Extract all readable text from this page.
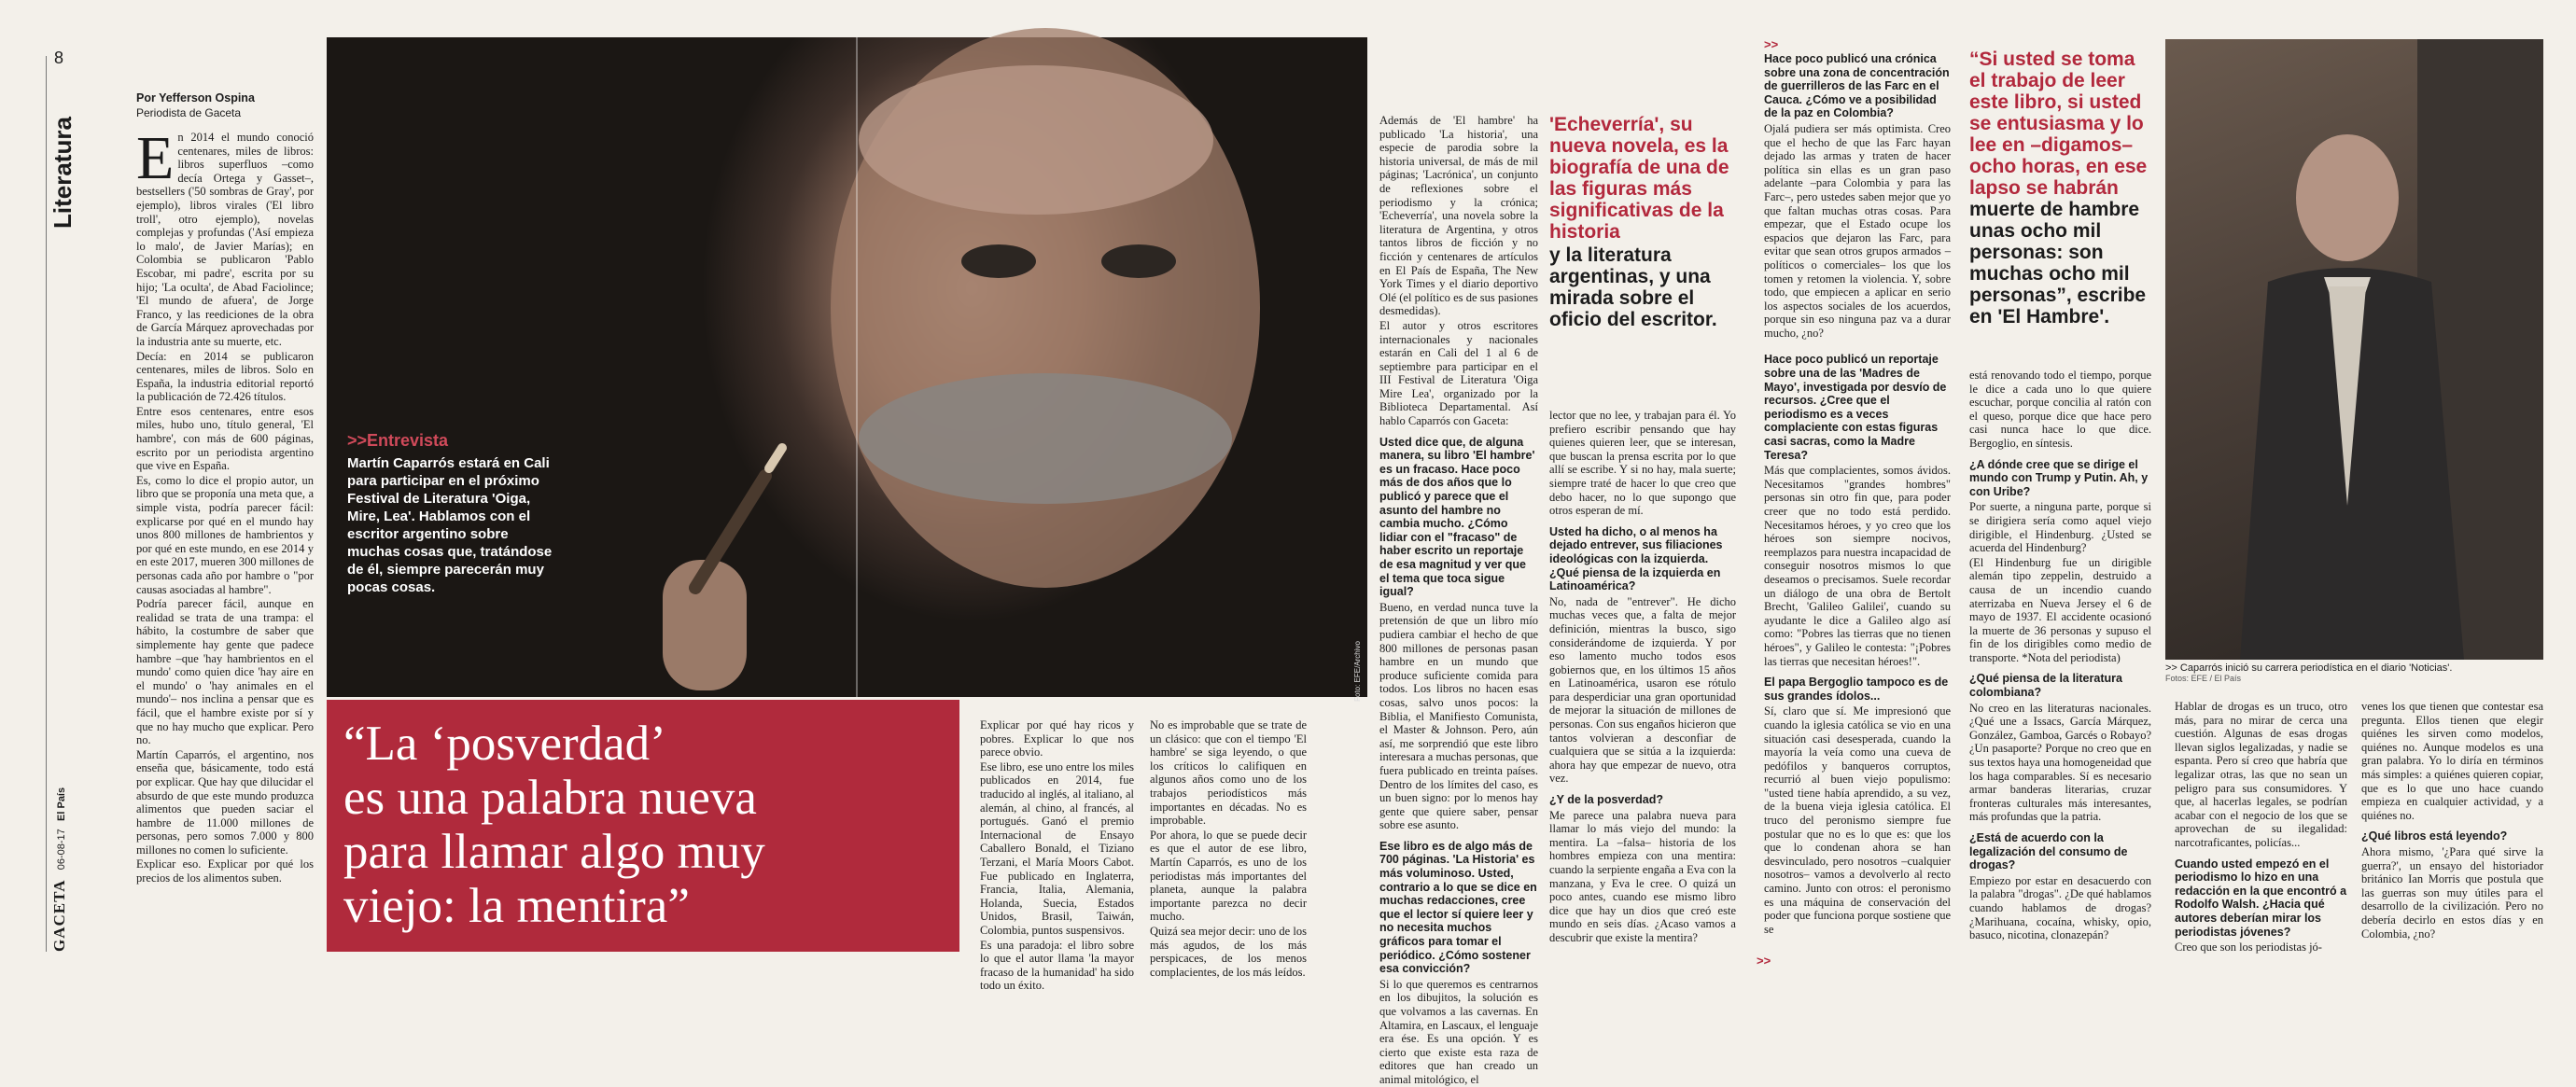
8
Literatura
GACETA 06-08-17 El País
Por Yefferson Ospina
Periodista de Gaceta
E n 2014 el mundo conoció centenares, miles de libros: libros superfluos –como decía Ortega y Gasset–, bestsellers ('50 sombras de Gray', por ejemplo), libros virales ('El libro troll', otro ejemplo), novelas complejas y profundas ('Así empieza lo malo', de Javier Marías); en Colombia se publicaron 'Pablo Escobar, mi padre', escrita por su hijo; 'La oculta', de Abad Faciolince; 'El mundo de afuera', de Jorge Franco, y las reediciones de la obra de García Márquez aprovechadas por la industria ante su muerte, etc.

Decía: en 2014 se publicaron centenares, miles de libros. Solo en España, la industria editorial reportó la publicación de 72.426 títulos.

Entre esos centenares, entre esos miles, hubo uno, título general, 'El hambre', con más de 600 páginas, escrito por un periodista argentino que vive en España.

Es, como lo dice el propio autor, un libro que se proponía una meta que, a simple vista, podría parecer fácil: explicarse por qué en el mundo hay unos 800 millones de hambrientos y por qué en este mundo, en ese 2014 y en este 2017, mueren 300 millones de personas cada año por hambre o "por causas asociadas al hambre".

Podría parecer fácil, aunque en realidad se trata de una trampa: el hábito, la costumbre de saber que simplemente hay gente que padece hambre –que 'hay hambrientos en el mundo' como quien dice 'hay aire en el mundo' o 'hay animales en el mundo'– nos inclina a pensar que es fácil, que el hambre existe por sí y que no hay mucho que explicar. Pero no.

Martín Caparrós, el argentino, nos enseña que, básicamente, todo está por explicar. Que hay que dilucidar el absurdo de que este mundo produzca alimentos que pueden saciar el hambre de 11.000 millones de personas, pero somos 7.000 y 800 millones no comen lo suficiente.

Explicar eso. Explicar por qué los precios de los alimentos suben.

Foto: EFE/Archivo
>>Entrevista
Martín Caparrós estará en Cali para participar en el próximo Festival de Literatura 'Oiga, Mire, Lea'. Hablamos con el escritor argentino sobre muchas cosas que, tratándose de él, siempre parecerán muy pocas cosas.
“La ‘posverdad’
es una palabra nueva
para llamar algo muy
viejo: la mentira”

Explicar por qué hay ricos y pobres. Explicar lo que nos parece obvio.

Ese libro, ese uno entre los miles publicados en 2014, fue traducido al inglés, al italiano, al alemán, al chino, al francés, al portugués. Ganó el premio Internacional de Ensayo Caballero Bonald, el Tiziano Terzani, el María Moors Cabot. Fue publicado en Inglaterra, Francia, Italia, Alemania, Holanda, Suecia, Estados Unidos, Brasil, Taiwán, Colombia, puntos suspensivos.

Es una paradoja: el libro sobre lo que el autor llama 'la mayor fracaso de la humanidad' ha sido todo un éxito.

No es improbable que se trate de un clásico: que con el tiempo 'El hambre' se siga leyendo, o que los críticos lo califiquen en algunos años como uno de los trabajos periodísticos más importantes en décadas. No es improbable.

Por ahora, lo que se puede decir es que el autor de ese libro, Martín Caparrós, es uno de los periodistas más importantes del planeta, aunque la palabra importante parezca no decir mucho.

Quizá sea mejor decir: uno de los más agudos, de los más perspicaces, de los menos complacientes, de los más leídos.

Además de 'El hambre' ha publicado 'La historia', una especie de parodia sobre la historia universal, de más de mil páginas; 'Lacrónica', un conjunto de reflexiones sobre el periodismo y la crónica; 'Echeverría', una novela sobre la literatura de Argentina, y otros tantos libros de ficción y no ficción y centenares de artículos en El País de España, The New York Times y el diario deportivo Olé (el político es de sus pasiones desmedidas).

El autor y otros escritores internacionales y nacionales estarán en Cali del 1 al 6 de septiembre para participar en el III Festival de Literatura 'Oiga Mire Lea', organizado por la Biblioteca Departamental. Así hablo Caparrós con Gaceta:

Usted dice que, de alguna manera, su libro 'El hambre' es un fracaso. Hace poco más de dos años que lo publicó y parece que el asunto del hambre no cambia mucho. ¿Cómo lidiar con el "fracaso" de haber escrito un reportaje de esa magnitud y ver que el tema que toca sigue igual?

Bueno, en verdad nunca tuve la pretensión de que un libro mío pudiera cambiar el hecho de que 800 millones de personas pasan hambre en un mundo que produce suficiente comida para todos. Los libros no hacen esas cosas, salvo unos pocos: la Biblia, el Manifiesto Comunista, el Master & Johnson. Pero, aún así, me sorprendió que este libro interesara a muchas personas, que fuera publicado en treinta países. Dentro de los límites del caso, es un buen signo: por lo menos hay gente que quiere saber, pensar sobre ese asunto.

Ese libro es de algo más de 700 páginas. 'La Historia' es más voluminoso. Usted, contrario a lo que se dice en muchas redacciones, cree que el lector sí quiere leer y no necesita muchos gráficos para tomar el periódico. ¿Cómo sostener esa convicción?

Si lo que queremos es centrarnos en los dibujitos, la solución es que volvamos a las cavernas. En Altamira, en Lascaux, el lenguaje era ése. Es una opción. Y es cierto que existe esta raza de editores que han creado un animal mitológico, el

'Echeverría', su nueva novela, es la biografía de una de las figuras más significativas de la historia
y la literatura argentinas, y una mirada sobre el oficio del escritor.

lector que no lee, y trabajan para él. Yo prefiero escribir pensando que hay quienes quieren leer, que se interesan, que buscan la prensa escrita por lo que allí se escribe. Y si no hay, mala suerte; siempre traté de hacer lo que creo que debo hacer, no lo que supongo que otros esperan de mí.

Usted ha dicho, o al menos ha dejado entrever, sus filiaciones ideológicas con la izquierda. ¿Qué piensa de la izquierda en Latinoamérica?

No, nada de "entrever". He dicho muchas veces que, a falta de mejor definición, mientras la busco, sigo considerándome de izquierda. Y por eso lamento mucho todos esos gobiernos que, en los últimos 15 años en Latinoamérica, usaron ese rótulo para desperdiciar una gran oportunidad de mejorar la situación de millones de personas. Con sus engaños hicieron que tantos volvieran a desconfiar de cualquiera que se sitúa a la izquierda: ahora hay que empezar de nuevo, otra vez.

¿Y de la posverdad?

Me parece una palabra nueva para llamar lo más viejo del mundo: la mentira. La –falsa– historia de los hombres empieza con una mentira: cuando la serpiente engaña a Eva con la manzana, y Eva le cree. O quizá un poco antes, cuando ese mismo libro dice que hay un dios que creó este mundo en seis días. ¿Acaso vamos a descubrir que existe la mentira?

>>

Hace poco publicó una crónica sobre una zona de concentración de guerrilleros de las Farc en el Cauca. ¿Cómo ve a posibilidad de la paz en Colombia?

Ojalá pudiera ser más optimista. Creo que el hecho de que las Farc hayan dejado las armas y traten de hacer política sin ellas es un gran paso adelante –para Colombia y para las Farc–, pero ustedes saben mejor que yo que faltan muchas otras cosas. Para empezar, que el Estado ocupe los espacios que dejaron las Farc, para evitar que sean otros grupos armados –políticos o comerciales– los que los tomen y retomen la violencia. Y, sobre todo, que empiecen a aplicar en serio los aspectos sociales de los acuerdos, porque sin eso ninguna paz va a durar mucho, ¿no?

Hace poco publicó un reportaje sobre una de las 'Madres de Mayo', investigada por desvío de recursos. ¿Cree que el periodismo es a veces complaciente con estas figuras casi sacras, como la Madre Teresa?

Más que complacientes, somos ávidos. Necesitamos "grandes hombres" personas sin otro fin que, para poder creer que no todo está perdido. Necesitamos héroes, y yo creo que los héroes son siempre nocivos, reemplazos para nuestra incapacidad de conseguir nosotros mismos lo que deseamos o precisamos. Suele recordar un diálogo de una obra de Bertolt Brecht, 'Galileo Galilei', cuando su ayudante le dice a Galileo algo así como: "Pobres las tierras que no tienen héroes", y Galileo le contesta: "¡Pobres las tierras que necesitan héroes!".

El papa Bergoglio tampoco es de sus grandes ídolos...

Sí, claro que sí. Me impresionó que cuando la iglesia católica se vio en una situación casi desesperada, cuando la mayoría la veía como una cueva de pedófilos y banqueros corruptos, recurrió al buen viejo populismo: "usted tiene había aprendido, a su vez, de la buena vieja iglesia católica. El truco del peronismo siempre fue postular que no es lo que es: que los que lo condenan ahora se han desvinculado, pero nosotros –cualquier nosotros– vamos a devolverlo al recto camino. Junto con otros: el peronismo es una máquina de conservación del poder que funciona porque sostiene que se

“Si usted se toma el trabajo de leer este libro, si usted se entusiasma y lo lee en –digamos– ocho horas, en ese lapso se habrán
muerte de hambre unas ocho mil personas: son muchas ocho mil personas”, escribe en 'El Hambre'.

está renovando todo el tiempo, porque le dice a cada uno lo que quiere escuchar, porque concilia al ratón con el queso, porque dice que hace pero casi nunca hace lo que dice. Bergoglio, en síntesis.

¿A dónde cree que se dirige el mundo con Trump y Putin. Ah, y con Uribe?

Por suerte, a ninguna parte, porque si se dirigiera sería como aquel viejo dirigible, el Hindenburg. ¿Usted se acuerda del Hindenburg?

(El Hindenburg fue un dirigible alemán tipo zeppelin, destruido a causa de un incendio cuando aterrizaba en Nueva Jersey el 6 de mayo de 1937. El accidente ocasionó la muerte de 36 personas y supuso el fin de los dirigibles como medio de transporte. *Nota del periodista)

¿Qué piensa de la literatura colombiana?

No creo en las literaturas nacionales. ¿Qué une a Issacs, García Márquez, González, Gamboa, Garcés o Robayo? ¿Un pasaporte? Porque no creo que en sus textos haya una homogeneidad que los haga comparables. Sí es necesario armar banderas literarias, cruzar fronteras culturales más interesantes, más profundas que la patria.

¿Está de acuerdo con la legalización del consumo de drogas?

Empiezo por estar en desacuerdo con la palabra "drogas". ¿De qué hablamos cuando hablamos de drogas? ¿Marihuana, cocaína, whisky, opio, basuco, nicotina, clonazepán?

>> Caparrós inició su carrera periodística en el diario 'Noticias'.
Fotos: EFE / El País

Hablar de drogas es un truco, otro más, para no mirar de cerca una cuestión. Algunas de esas drogas llevan siglos legalizadas, y nadie se espanta. Pero sí creo que habría que legalizar otras, las que no sean un peligro para sus consumidores. Y que, al hacerlas legales, se podrían acabar con el negocio de los que se aprovechan de su ilegalidad: narcotraficantes, policías...

Cuando usted empezó en el periodismo lo hizo en una redacción en la que encontró a Rodolfo Walsh. ¿Hacia qué autores deberían mirar los periodistas jóvenes?

Creo que son los periodistas jó-

venes los que tienen que contestar esa pregunta. Ellos tienen que elegir quiénes les sirven como modelos, quiénes no. Aunque modelos es una gran palabra. Yo lo diría en términos más simples: a quiénes quieren copiar, que es lo que uno hace cuando empieza en cualquier actividad, y a quiénes no.

¿Qué libros está leyendo?

Ahora mismo, '¿Para qué sirve la guerra?', un ensayo del historiador británico Ian Morris que postula que las guerras son muy útiles para el desarrollo de la civilización. Pero no debería decirlo en estos días y en Colombia, ¿no?

>>
